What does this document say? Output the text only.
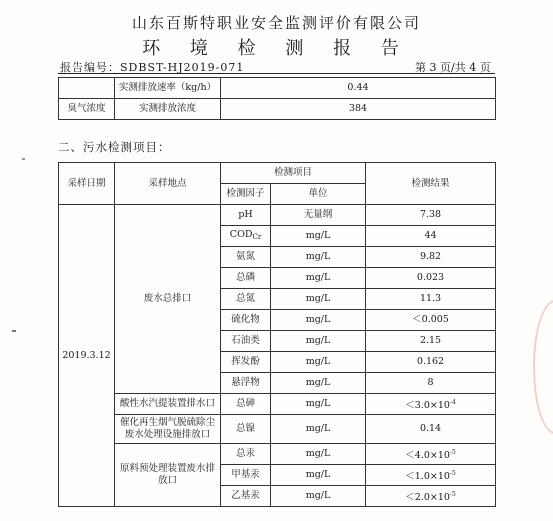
山东百斯特职业安全监测评价有限公司
环 境 检 测 报 告
报告编号：SDBST-HJ2019-071	第 3 页/共 4 页
	实测排放速率（kg/h）	0.44
臭气浓度	实测排放浓度	384
二、污水检测项目：
采样日期	采样地点	检测项目		检测结果
		检测因子	单位	
2019.3.12	废水总排口	pH	无量纲	7.38
		$COD_{Cr}$	mg/L	44
		氨氮	mg/L	9.82
		总磷	mg/L	0.023
		总氮	mg/L	11.3
		硫化物	mg/L	＜0.005
		石油类	mg/L	2.15
		挥发酚	mg/L	0.162
		悬浮物	mg/L	8
	酸性水汽提装置排水口	总砷	mg/L	$<3.0\times 10^{-4}$
	催化再生烟气脱硫除尘废水处理设施排放口	总镍	mg/L	0.14
	原料预处理装置废水排放口	总汞	mg/L	$<4.0\times 10^{-5}$
		甲基汞	mg/L	$<1.0\times 10^{-5}$
		乙基汞	mg/L	$<2.0\times 10^{-5}$
